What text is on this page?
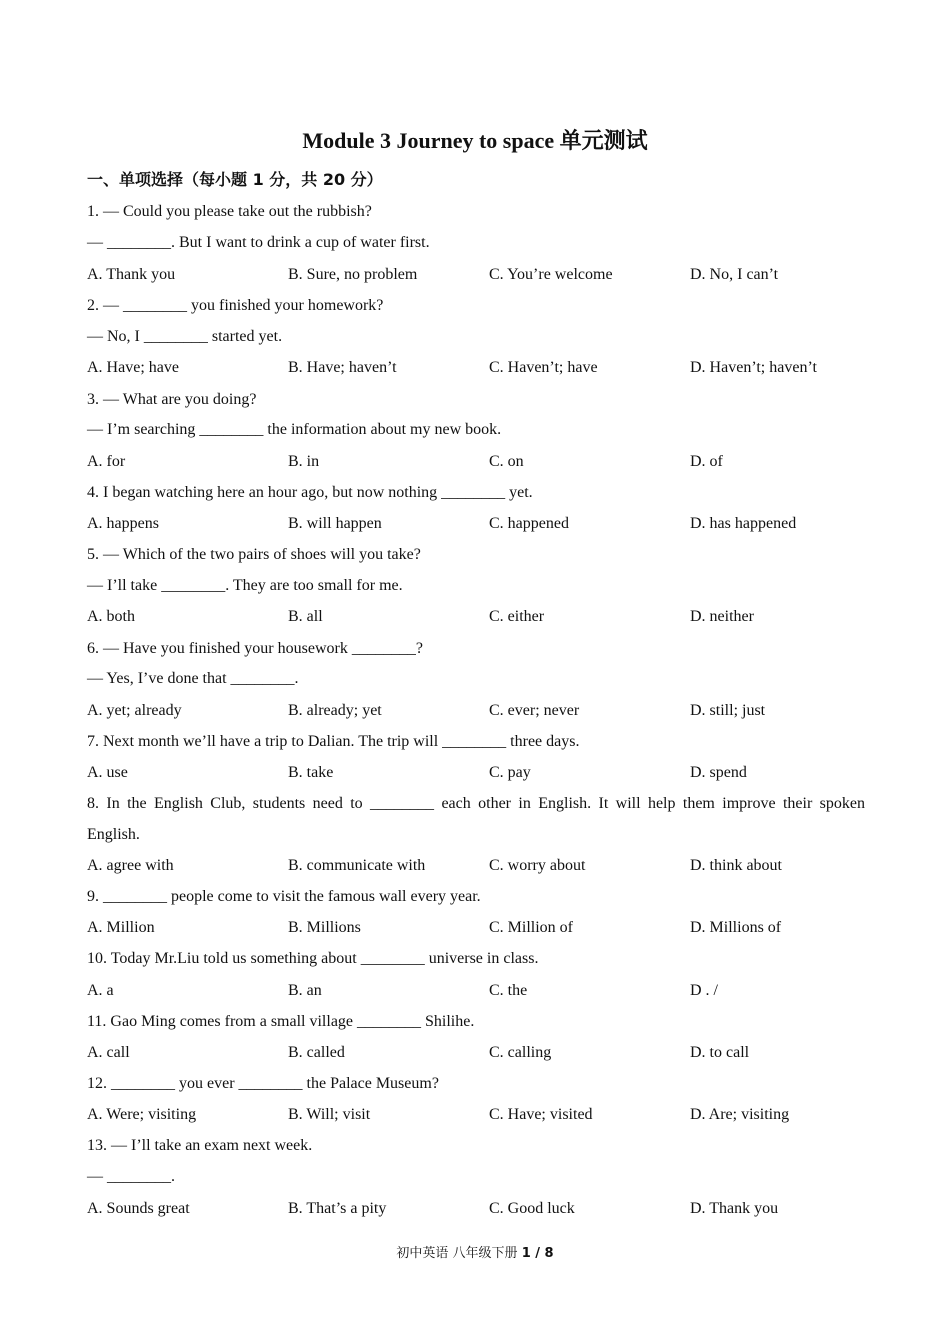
Module 3 Journey to space 单元测试
一、单项选择（每小题 1 分，共 20 分）
1. — Could you please take out the rubbish?
— ________. But I want to drink a cup of water first.
A. Thank you	B. Sure, no problem	C. You’re welcome	D. No, I can’t
2. — ________ you finished your homework?
— No, I ________ started yet.
A. Have; have	B. Have; haven’t	C. Haven’t; have	D. Haven’t; haven’t
3. — What are you doing?
— I’m searching ________ the information about my new book.
A. for	B. in	C. on	D. of
4. I began watching here an hour ago, but now nothing ________ yet.
A. happens	B. will happen	C. happened	D. has happened
5. — Which of the two pairs of shoes will you take?
— I’ll take ________. They are too small for me.
A. both	B. all	C. either	D. neither
6. — Have you finished your housework ________?
— Yes, I’ve done that ________.
A. yet; already	B. already; yet	C. ever; never	D. still; just
7. Next month we’ll have a trip to Dalian. The trip will ________ three days.
A. use	B. take	C. pay	D. spend
8. In the English Club, students need to ________ each other in English. It will help them improve their spoken
English.
A. agree with	B. communicate with	C. worry about	D. think about
9. ________ people come to visit the famous wall every year.
A. Million	B. Millions	C. Million of	D. Millions of
10. Today Mr.Liu told us something about ________ universe in class.
A. a	B. an	C. the	D . /
11. Gao Ming comes from a small village ________ Shilihe.
A. call	B. called	C. calling	D. to call
12. ________ you ever ________ the Palace Museum?
A. Were; visiting	B. Will; visit	C. Have; visited	D. Are; visiting
13. — I’ll take an exam next week.
— ________.
A. Sounds great	B. That’s a pity	C. Good luck	D. Thank you
初中英语 八年级下册 1 / 8
